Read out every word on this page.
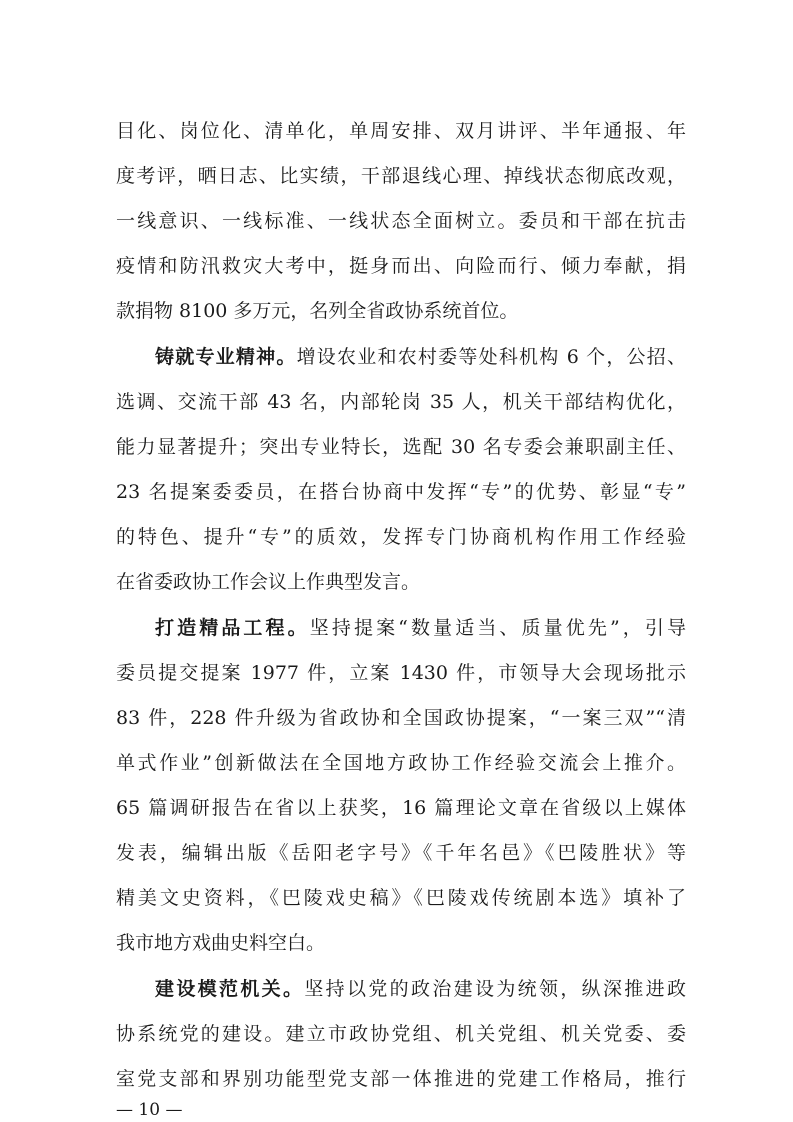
目化、岗位化、清单化，单周安排、双月讲评、半年通报、年
度考评，晒日志、比实绩，干部退线心理、掉线状态彻底改观，
一线意识、一线标准、一线状态全面树立。委员和干部在抗击
疫情和防汛救灾大考中，挺身而出、向险而行、倾力奉献，捐
款捐物 8100 多万元，名列全省政协系统首位。
铸就专业精神。增设农业和农村委等处科机构 6 个，公招、
选调、交流干部 43 名，内部轮岗 35 人，机关干部结构优化，
能力显著提升；突出专业特长，选配 30 名专委会兼职副主任、
23 名提案委委员，在搭台协商中发挥“专”的优势、彰显“专”
的特色、提升“专”的质效，发挥专门协商机构作用工作经验
在省委政协工作会议上作典型发言。
打造精品工程。坚持提案“数量适当、质量优先”，引导
委员提交提案 1977 件，立案 1430 件，市领导大会现场批示
83 件，228 件升级为省政协和全国政协提案，“一案三双”“清
单式作业”创新做法在全国地方政协工作经验交流会上推介。
65 篇调研报告在省以上获奖，16 篇理论文章在省级以上媒体
发表，编辑出版《岳阳老字号》《千年名邑》《巴陵胜状》等
精美文史资料，《巴陵戏史稿》《巴陵戏传统剧本选》填补了
我市地方戏曲史料空白。
建设模范机关。坚持以党的政治建设为统领，纵深推进政
协系统党的建设。建立市政协党组、机关党组、机关党委、委
室党支部和界别功能型党支部一体推进的党建工作格局，推行
— 10 —
